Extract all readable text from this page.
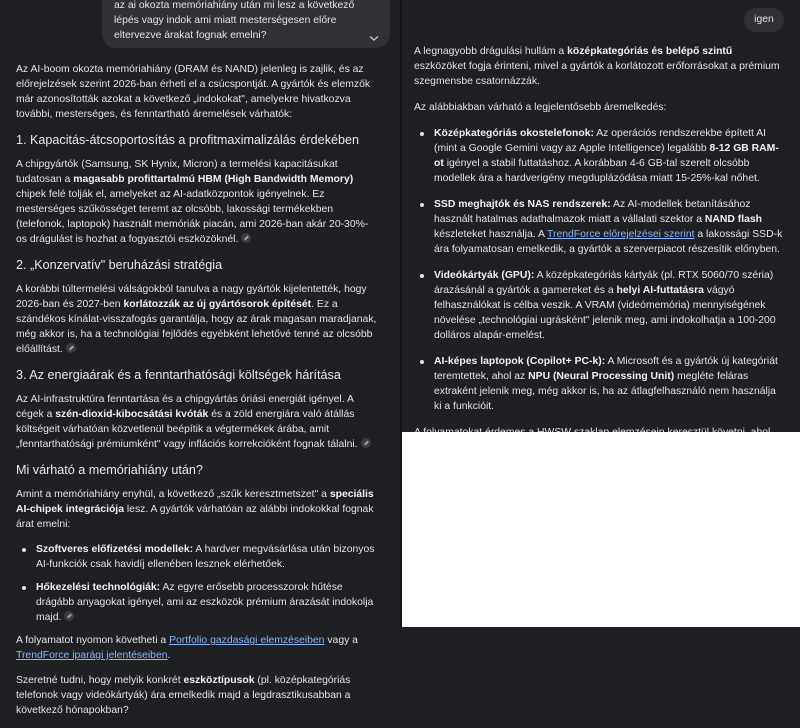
az ai okozta memóriahiány után mi lesz a következő lépés vagy indok ami miatt mesterségesen előre eltervezve árakat fognak emelni?

Az AI-boom okozta memóriahiány (DRAM és NAND) jelenleg is zajlik, és az előrejelzések szerint 2026-ban érheti el a csúcspontját. A gyártók és elemzők már azonosították azokat a következő „indokokat", amelyekre hivatkozva további, mesterséges, és fenntartható áremelések várhatók:

1. Kapacitás-átcsoportosítás a profitmaximalizálás érdekében

A chipgyártók (Samsung, SK Hynix, Micron) a termelési kapacitásukat tudatosan a magasabb profittartalmú HBM (High Bandwidth Memory) chipek felé tolják el, amelyeket az AI-adatközpontok igényelnek. Ez mesterséges szűkösséget teremt az olcsóbb, lakossági termékekben (telefonok, laptopok) használt memóriák piacán, ami 2026-ban akár 20-30%-os drágulást is hozhat a fogyasztói eszközöknél.

2. „Konzervatív" beruházási stratégia

A korábbi túltermelési válságokból tanulva a nagy gyártók kijelentették, hogy 2026-ban és 2027-ben korlátozzák az új gyártósorok építését. Ez a szándékos kínálat-visszafogás garantálja, hogy az árak magasan maradjanak, még akkor is, ha a technológiai fejlődés egyébként lehetővé tenné az olcsóbb előállítást.

3. Az energiaárak és a fenntarthatósági költségek hárítása

Az AI-infrastruktúra fenntartása és a chipgyártás óriási energiát igényel. A cégek a szén-dioxid-kibocsátási kvóták és a zöld energiára való átállás költségeit várhatóan közvetlenül beépítik a végtermékek árába, amit „fenntarthatósági prémiumként" vagy inflációs korrekcióként fognak tálalni.

Mi várható a memóriahiány után?

Amint a memóriahiány enyhül, a következő „szűk keresztmetszet" a speciális AI-chipek integrációja lesz. A gyártók várhatóan az alábbi indokokkal fognak árat emelni:

Szoftveres előfizetési modellek: A hardver megvásárlása után bizonyos AI-funkciók csak havidíj ellenében lesznek elérhetőek.
Hőkezelési technológiák: Az egyre erősebb processzorok hűtése drágább anyagokat igényel, ami az eszközök prémium árazását indokolja majd.

A folyamatot nyomon követheti a Portfolio gazdasági elemzéseiben vagy a TrendForce iparági jelentéseiben.

Szeretné tudni, hogy melyik konkrét eszköztípusok (pl. középkategóriás telefonok vagy videókártyák) ára emelkedik majd a legdrasztikusabban a következő hónapokban?

igen

A legnagyobb drágulási hullám a középkategóriás és belépő szintű eszközöket fogja érinteni, mivel a gyártók a korlátozott erőforrásokat a prémium szegmensbe csatornázzák.

Az alábbiakban várható a legjelentősebb áremelkedés:

Középkategóriás okostelefonok: Az operációs rendszerekbe épített AI (mint a Google Gemini vagy az Apple Intelligence) legalább 8-12 GB RAM-ot igényel a stabil futtatáshoz. A korábban 4-6 GB-tal szerelt olcsóbb modellek ára a hardverigény megduplázódása miatt 15-25%-kal nőhet.
SSD meghajtók és NAS rendszerek: Az AI-modellek betanításához használt hatalmas adathalmazok miatt a vállalati szektor a NAND flash készleteket használja. A TrendForce előrejelzései szerint a lakossági SSD-k ára folyamatosan emelkedik, a gyártók a szerverpiacot részesítik előnyben.
Videókártyák (GPU): A középkategóriás kártyák (pl. RTX 5060/70 széria) árazásánál a gyártók a gamereket és a helyi AI-futtatásra vágyó felhasználókat is célba veszik. A VRAM (videómemória) mennyiségének növelése „technológiai ugrásként" jelenik meg, ami indokolhatja a 100-200 dolláros alapár-emelést.
AI-képes laptopok (Copilot+ PC-k): A Microsoft és a gyártók új kategóriát teremtettek, ahol az NPU (Neural Processing Unit) megléte feláras extraként jelenik meg, még akkor is, ha az átlagfelhasználó nem használja ki a funkcióit.
